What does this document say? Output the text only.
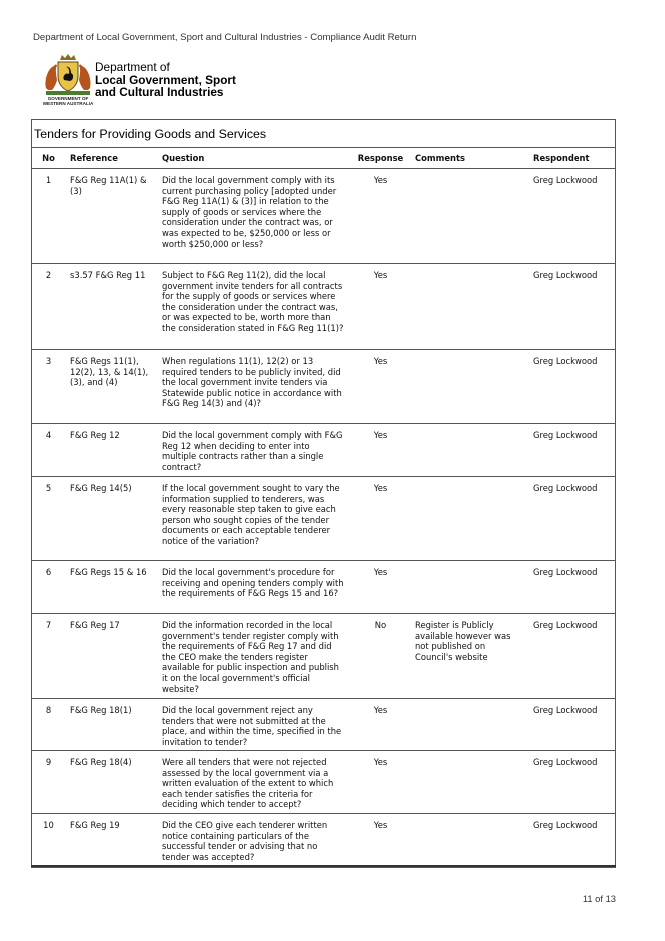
Department of Local Government, Sport and Cultural Industries - Compliance Audit Return
GOVERNMENT OF
WESTERN AUSTRALIA
Department of
Local Government, Sport
and Cultural Industries
Tenders for Providing Goods and Services
No	Reference	Question	Response	Comments	Respondent
1	F&G Reg 11A(1) & (3)	Did the local government comply with its current purchasing policy [adopted under F&G Reg 11A(1) & (3)] in relation to the supply of goods or services where the consideration under the contract was, or was expected to be, $250,000 or less or worth $250,000 or less?	Yes		Greg Lockwood
2	s3.57 F&G Reg 11	Subject to F&G Reg 11(2), did the local government invite tenders for all contracts for the supply of goods or services where the consideration under the contract was, or was expected to be, worth more than the consideration stated in F&G Reg 11(1)?	Yes		Greg Lockwood
3	F&G Regs 11(1), 12(2), 13, & 14(1), (3), and (4)	When regulations 11(1), 12(2) or 13 required tenders to be publicly invited, did the local government invite tenders via Statewide public notice in accordance with F&G Reg 14(3) and (4)?	Yes		Greg Lockwood
4	F&G Reg 12	Did the local government comply with F&G Reg 12 when deciding to enter into multiple contracts rather than a single contract?	Yes		Greg Lockwood
5	F&G Reg 14(5)	If the local government sought to vary the information supplied to tenderers, was every reasonable step taken to give each person who sought copies of the tender documents or each acceptable tenderer notice of the variation?	Yes		Greg Lockwood
6	F&G Regs 15 & 16	Did the local government's procedure for receiving and opening tenders comply with the requirements of F&G Regs 15 and 16?	Yes		Greg Lockwood
7	F&G Reg 17	Did the information recorded in the local government's tender register comply with the requirements of F&G Reg 17 and did the CEO make the tenders register available for public inspection and publish it on the local government's official website?	No	Register is Publicly available however was not published on Council's website	Greg Lockwood
8	F&G Reg 18(1)	Did the local government reject any tenders that were not submitted at the place, and within the time, specified in the invitation to tender?	Yes		Greg Lockwood
9	F&G Reg 18(4)	Were all tenders that were not rejected assessed by the local government via a written evaluation of the extent to which each tender satisfies the criteria for deciding which tender to accept?	Yes		Greg Lockwood
10	F&G Reg 19	Did the CEO give each tenderer written notice containing particulars of the successful tender or advising that no tender was accepted?	Yes		Greg Lockwood
11 of 13
